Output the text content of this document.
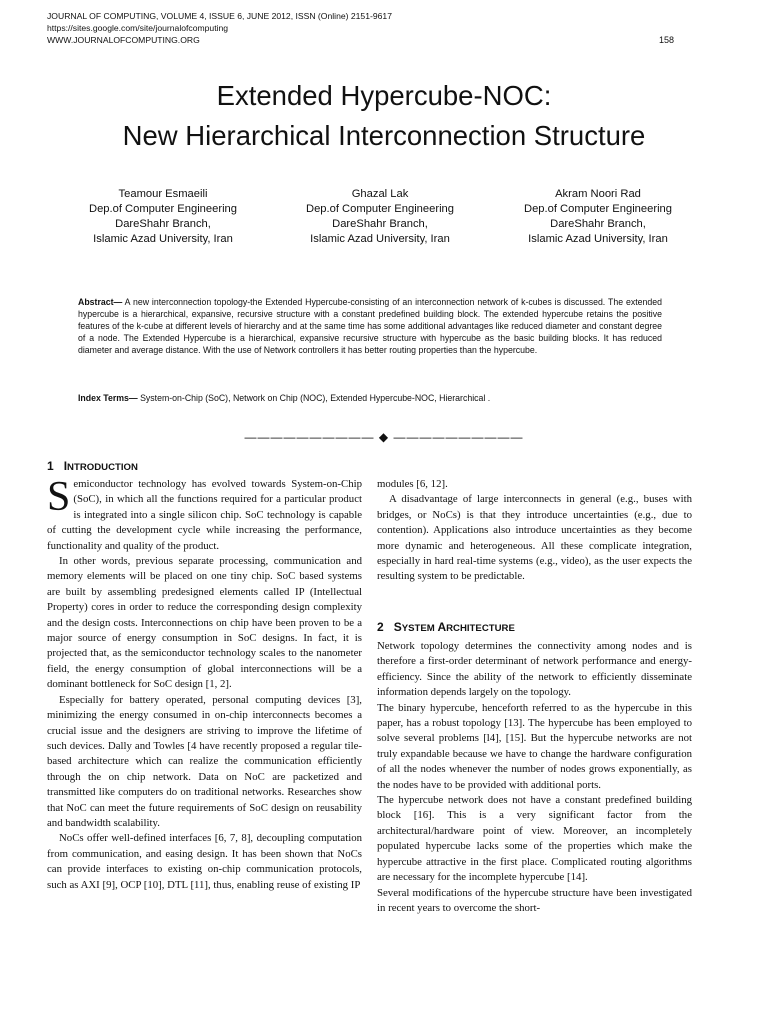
JOURNAL OF COMPUTING, VOLUME 4, ISSUE 6, JUNE 2012, ISSN (Online) 2151-9617
https://sites.google.com/site/journalofcomputing
WWW.JOURNALOFCOMPUTING.ORG	158
Extended Hypercube-NOC:
New Hierarchical Interconnection Structure
Teamour Esmaeili
Dep.of Computer Engineering
DareShahr Branch,
Islamic Azad University, Iran
Ghazal Lak
Dep.of Computer Engineering
DareShahr Branch,
Islamic Azad University, Iran
Akram Noori Rad
Dep.of Computer Engineering
DareShahr Branch,
Islamic Azad University, Iran
Abstract— A new interconnection topology-the Extended Hypercube-consisting of an interconnection network of k-cubes is discussed. The extended hypercube is a hierarchical, expansive, recursive structure with a constant predefined building block. The extended hypercube retains the positive features of the k-cube at different levels of hierarchy and at the same time has some additional advantages like reduced diameter and constant degree of a node. The Extended Hypercube is a hierarchical, expansive recursive structure with hypercube as the basic building blocks. It has reduced diameter and average distance. With the use of Network controllers it has better routing properties than the hypercube.
Index Terms— System-on-Chip (SoC), Network on Chip (NOC), Extended Hypercube-NOC, Hierarchical .
—————————— ◆ ——————————
1 INTRODUCTION

Semiconductor technology has evolved towards System-on-Chip (SoC), in which all the functions required for a particular product is integrated into a single silicon chip. SoC technology is capable of cutting the development cycle while increasing the performance, functionality and quality of the product.

In other words, previous separate processing, communication and memory elements will be placed on one tiny chip. SoC based systems are built by assembling predesigned elements called IP (Intellectual Property) cores in order to reduce the corresponding design complexity and the design costs. Interconnections on chip have been proven to be a major source of energy consumption in SoC designs. In fact, it is projected that, as the semiconductor technology scales to the nanometer field, the energy consumption of global interconnections will be a dominant bottleneck for SoC design [1, 2].

Especially for battery operated, personal computing devices [3], minimizing the energy consumed in on-chip interconnects becomes a crucial issue and the designers are striving to improve the lifetime of such devices. Dally and Towles [4 have recently proposed a regular tile-based architecture which can realize the communication efficiently through the on chip network. Data on NoC are packetized and transmitted like computers do on traditional networks. Researches show that NoC can meet the future requirements of SoC design on reusability and bandwidth scalability.

NoCs offer well-defined interfaces [6, 7, 8], decoupling computation from communication, and easing design. It has been shown that NoCs can provide interfaces to existing on-chip communication protocols, such as AXI [9], OCP [10], DTL [11], thus, enabling reuse of existing IP

modules [6, 12].

A disadvantage of large interconnects in general (e.g., buses with bridges, or NoCs) is that they introduce uncertainties (e.g., due to contention). Applications also introduce uncertainties as they become more dynamic and heterogeneous. All these complicate integration, especially in hard real-time systems (e.g., video), as the user expects the resulting system to be predictable.

2 SYSTEM ARCHITECTURE

Network topology determines the connectivity among nodes and is therefore a first-order determinant of network performance and energy-efficiency. Since the ability of the network to efficiently disseminate information depends largely on the topology.

The binary hypercube, henceforth referred to as the hypercube in this paper, has a robust topology [13]. The hypercube has been employed to solve several problems [l4], [15]. But the hypercube networks are not truly expandable because we have to change the hardware configuration of all the nodes whenever the number of nodes grows exponentially, as the nodes have to be provided with additional ports.

The hypercube network does not have a constant predefined building block [16]. This is a very significant factor from the architectural/hardware point of view. Moreover, an incompletely populated hypercube lacks some of the properties which make the hypercube attractive in the first place. Complicated routing algorithms are necessary for the incomplete hypercube [14].

Several modifications of the hypercube structure have been investigated in recent years to overcome the short-
